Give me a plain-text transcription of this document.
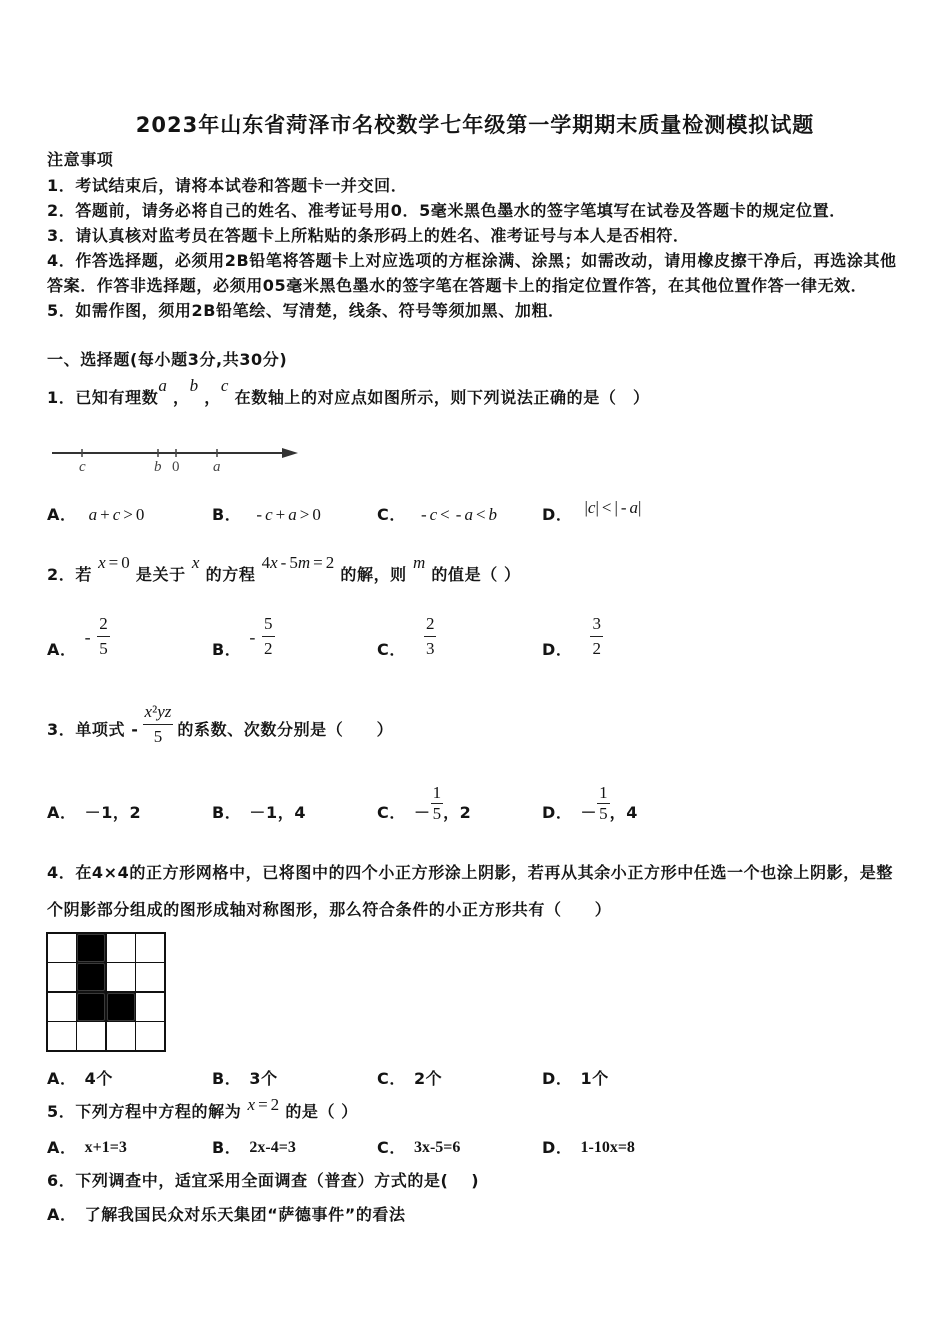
2023年山东省菏泽市名校数学七年级第一学期期末质量检测模拟试题
注意事项
1．考试结束后，请将本试卷和答题卡一并交回．
2．答题前，请务必将自己的姓名、准考证号用0．5毫米黑色墨水的签字笔填写在试卷及答题卡的规定位置．
3．请认真核对监考员在答题卡上所粘贴的条形码上的姓名、准考证号与本人是否相符．
4．作答选择题，必须用2B铅笔将答题卡上对应选项的方框涂满、涂黑；如需改动，请用橡皮擦干净后，再选涂其他
答案．作答非选择题，必须用05毫米黑色墨水的签字笔在答题卡上的指定位置作答，在其他位置作答一律无效．
5．如需作图，须用2B铅笔绘、写清楚，线条、符号等须加黑、加粗．
一、选择题(每小题3分,共30分)
1．已知有理数a ，b ，c 在数轴上的对应点如图所示，则下列说法正确的是（　）
c	b 0 a
A． a + c > 0	B． - c + a > 0	C． - c < - a < b	D． |c| < | - a|
2．若 x = 0 是关于 x 的方程 4x - 5m = 2 的解，则 m 的值是（ ）
A．
- $\frac{2}{5}$	B．
- $\frac{5}{2}$	C． $\frac{2}{3}$	D． $\frac{3}{2}$
3．单项式 - $\frac{\text{x²yz}}{5}$ 的系数、次数分别是（　　）
A． －1，2	B． －1，4	C． － $\frac{1}{5}$ ，2	D． － $\frac{1}{5}$ ，4
4．在4×4的正方形网格中，已将图中的四个小正方形涂上阴影，若再从其余小正方形中任选一个也涂上阴影，是整
个阴影部分组成的图形成轴对称图形，那么符合条件的小正方形共有（　　）
A． 4个	B． 3个	C． 2个	D． 1个
5．下列方程中方程的解为 x = 2 的是（ ）
A． x+1=3	B． 2x-4=3	C． 3x-5=6	D． 1-10x=8
6．下列调查中，适宜采用全面调查（普查）方式的是(　 )
A． 了解我国民众对乐天集团“萨德事件”的看法
